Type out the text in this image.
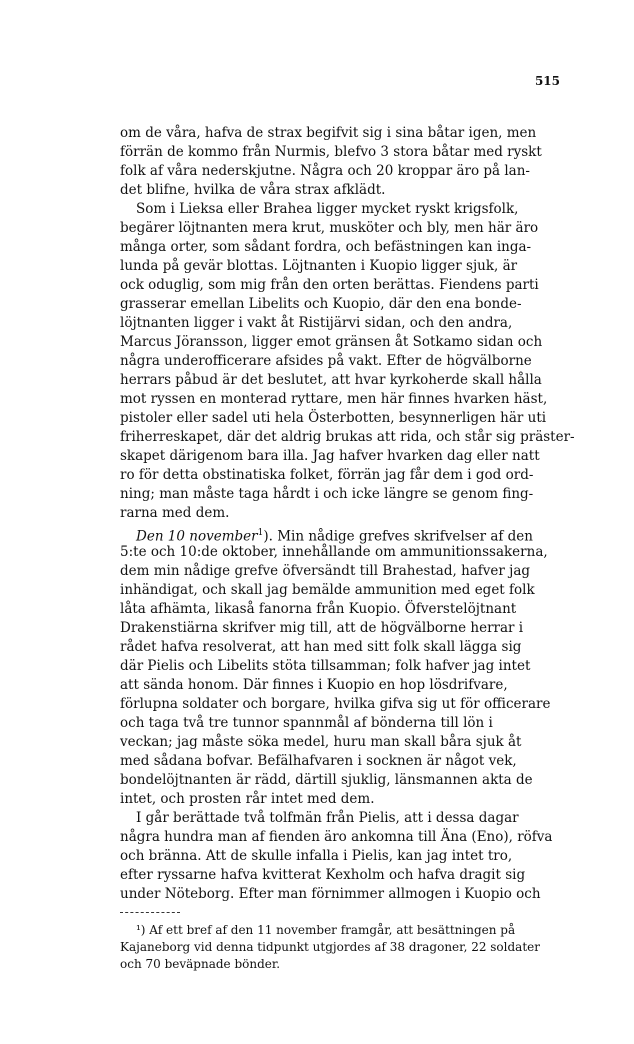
515
om de våra, hafva de strax begifvit sig i sina båtar igen, men
förrän de kommo från Nurmis, blefvo 3 stora båtar med ryskt
folk af våra nederskjutne. Några och 20 kroppar äro på lan-
det blifne, hvilka de våra strax afklädt.
Som i Lieksa eller Brahea ligger mycket ryskt krigsfolk,
begärer löjtnanten mera krut, musköter och bly, men här äro
många orter, som sådant fordra, och befästningen kan inga-
lunda på gevär blottas. Löjtnanten i Kuopio ligger sjuk, är
ock oduglig, som mig från den orten berättas. Fiendens parti
grasserar emellan Libelits och Kuopio, där den ena bonde-
löjtnanten ligger i vakt åt Ristijärvi sidan, och den andra,
Marcus Jöransson, ligger emot gränsen åt Sotkamo sidan och
några underofficerare afsides på vakt. Efter de högvälborne
herrars påbud är det beslutet, att hvar kyrkoherde skall hålla
mot ryssen en monterad ryttare, men här finnes hvarken häst,
pistoler eller sadel uti hela Österbotten, besynnerligen här uti
friherreskapet, där det aldrig brukas att rida, och står sig präster-
skapet därigenom bara illa. Jag hafver hvarken dag eller natt
ro för detta obstinatiska folket, förrän jag får dem i god ord-
ning; man måste taga hårdt i och icke längre se genom fing-
rarna med dem.
Den 10 november$^1$). Min nådige grefves skrifvelser af den
5:te och 10:de oktober, innehållande om ammunitionssakerna,
dem min nådige grefve öfversändt till Brahestad, hafver jag
inhändigat, och skall jag bemälde ammunition med eget folk
låta afhämta, likaså fanorna från Kuopio. Öfverstelöjtnant
Drakenstiärna skrifver mig till, att de högvälborne herrar i
rådet hafva resolverat, att han med sitt folk skall lägga sig
där Pielis och Libelits stöta tillsamman; folk hafver jag intet
att sända honom. Där finnes i Kuopio en hop lösdrifvare,
förlupna soldater och borgare, hvilka gifva sig ut för officerare
och taga två tre tunnor spannmål af bönderna till lön i
veckan; jag måste söka medel, huru man skall båra sjuk åt
med sådana bofvar. Befälhafvaren i socknen är något vek,
bondelöjtnanten är rädd, därtill sjuklig, länsmannen akta de
intet, och prosten rår intet med dem.
I går berättade två tolfmän från Pielis, att i dessa dagar
några hundra man af fienden äro ankomna till Äna (Eno), röfva
och bränna. Att de skulle infalla i Pielis, kan jag intet tro,
efter ryssarne hafva kvitterat Kexholm och hafva dragit sig
under Nöteborg. Efter man förnimmer allmogen i Kuopio och
¹) Af ett bref af den 11 november framgår, att besättningen på
Kajaneborg vid denna tidpunkt utgjordes af 38 dragoner, 22 soldater
och 70 beväpnade bönder.
